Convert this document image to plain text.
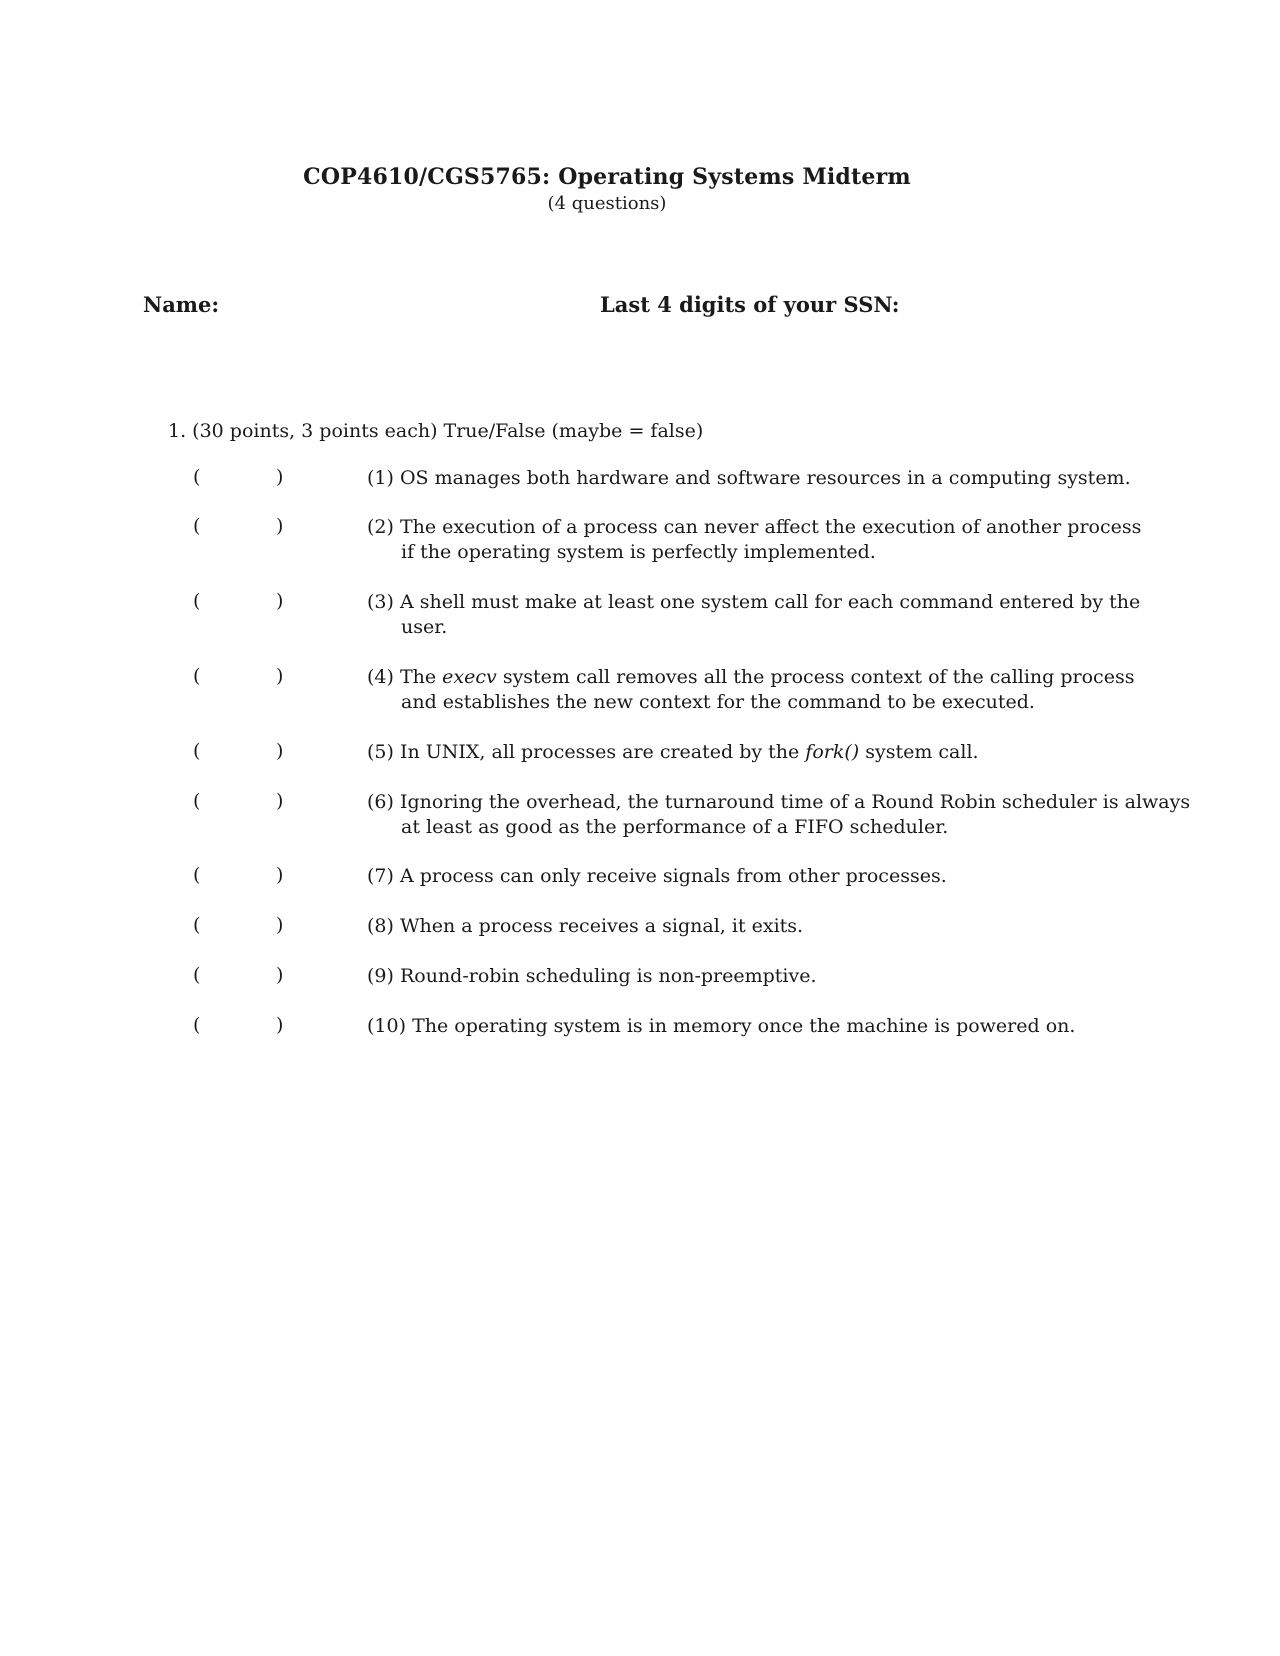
COP4610/CGS5765: Operating Systems Midterm
(4 questions)
Name:	Last 4 digits of your SSN:
1. (30 points, 3 points each) True/False (maybe = false)
(	)	(1) OS manages both hardware and software resources in a computing system.
(	)	(2) The execution of a process can never affect the execution of another process
if the operating system is perfectly implemented.
(	)	(3) A shell must make at least one system call for each command entered by the
user.
(	)	(4) The execv system call removes all the process context of the calling process
and establishes the new context for the command to be executed.
(	)	(5) In UNIX, all processes are created by the fork() system call.
(	)	(6) Ignoring the overhead, the turnaround time of a Round Robin scheduler is always
at least as good as the performance of a FIFO scheduler.
(	)	(7) A process can only receive signals from other processes.
(	)	(8) When a process receives a signal, it exits.
(	)	(9) Round-robin scheduling is non-preemptive.
(	)	(10) The operating system is in memory once the machine is powered on.
